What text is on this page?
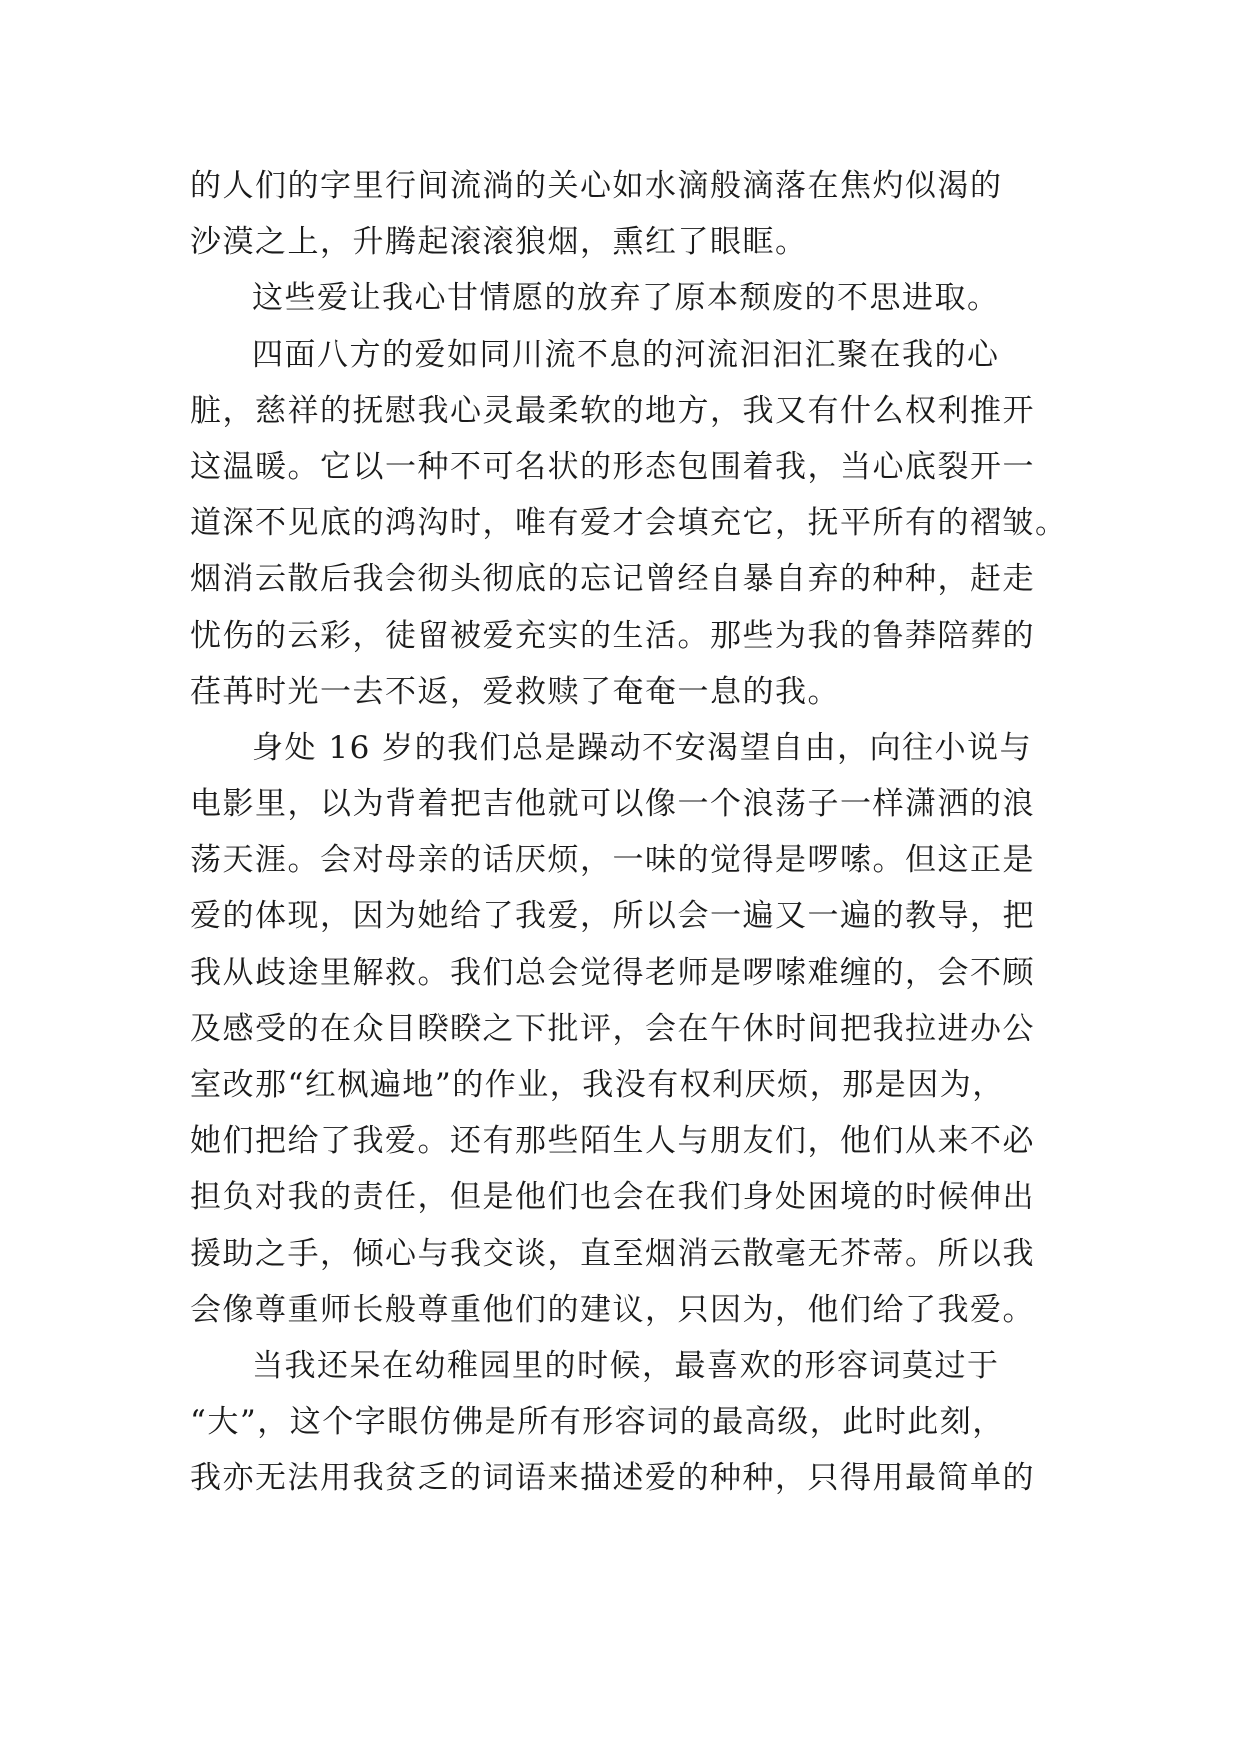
的人们的字里行间流淌的关心如水滴般滴落在焦灼似渴的
沙漠之上，升腾起滚滚狼烟，熏红了眼眶。
这些爱让我心甘情愿的放弃了原本颓废的不思进取。
四面八方的爱如同川流不息的河流汩汩汇聚在我的心
脏，慈祥的抚慰我心灵最柔软的地方，我又有什么权利推开
这温暖。它以一种不可名状的形态包围着我，当心底裂开一
道深不见底的鸿沟时，唯有爱才会填充它，抚平所有的褶皱。
烟消云散后我会彻头彻底的忘记曾经自暴自弃的种种，赶走
忧伤的云彩，徒留被爱充实的生活。那些为我的鲁莽陪葬的
荏苒时光一去不返，爱救赎了奄奄一息的我。
身处 16 岁的我们总是躁动不安渴望自由，向往小说与
电影里，以为背着把吉他就可以像一个浪荡子一样潇洒的浪
荡天涯。会对母亲的话厌烦，一味的觉得是啰嗦。但这正是
爱的体现，因为她给了我爱，所以会一遍又一遍的教导，把
我从歧途里解救。我们总会觉得老师是啰嗦难缠的，会不顾
及感受的在众目睽睽之下批评，会在午休时间把我拉进办公
室改那“红枫遍地”的作业，我没有权利厌烦，那是因为，
她们把给了我爱。还有那些陌生人与朋友们，他们从来不必
担负对我的责任，但是他们也会在我们身处困境的时候伸出
援助之手，倾心与我交谈，直至烟消云散毫无芥蒂。所以我
会像尊重师长般尊重他们的建议，只因为，他们给了我爱。
当我还呆在幼稚园里的时候，最喜欢的形容词莫过于
“大”，这个字眼仿佛是所有形容词的最高级，此时此刻，
我亦无法用我贫乏的词语来描述爱的种种，只得用最简单的
